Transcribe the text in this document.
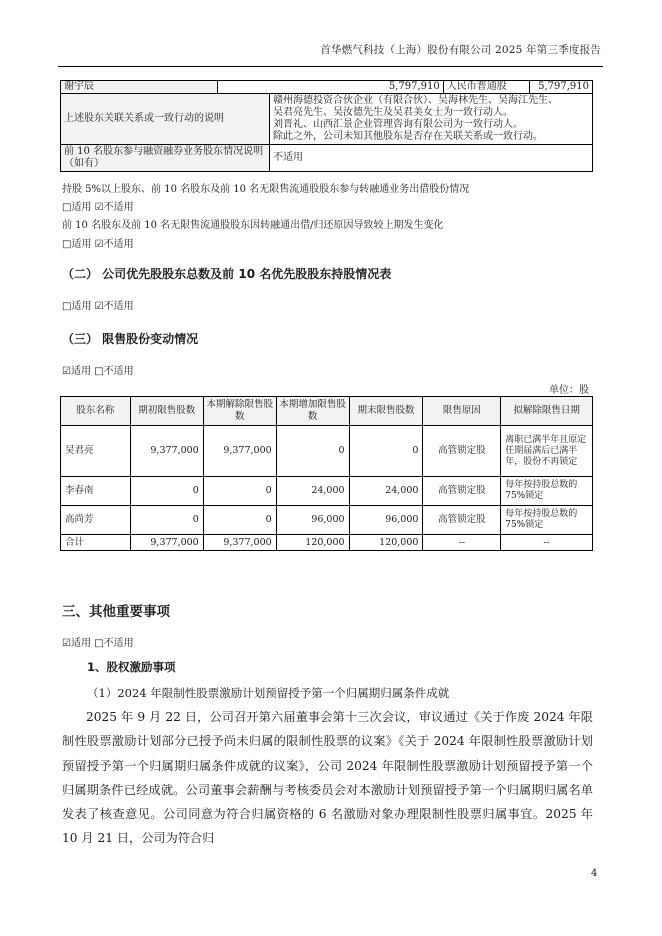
首华燃气科技（上海）股份有限公司 2025 年第三季度报告
谢宇辰	5,797,910		人民币普通股	5,797,910
上述股东关联关系或一致行动的说明		赣州海德投资合伙企业（有限合伙）、吴海林先生、吴海江先生、
吴君亮先生、吴汝德先生及吴君美女士为一致行动人。
刘晋礼、山西汇景企业管理咨询有限公司为一致行动人。
除此之外，公司未知其他股东是否存在关联关系或一致行动。		

前 10 名股东参与融资融券业务股东情况说明（如有）		不适用		
持股 5%以上股东、前 10 名股东及前 10 名无限售流通股股东参与转融通业务出借股份情况
□适用 ☑不适用
前 10 名股东及前 10 名无限售流通股股东因转融通出借/归还原因导致较上期发生变化
□适用 ☑不适用
（二） 公司优先股股东总数及前 10 名优先股股东持股情况表
□适用 ☑不适用
（三） 限售股份变动情况
☑适用 □不适用
单位：股
股东名称	期初限售股数	本期解除限售股数	本期增加限售股数	期末限售股数	限售原因	拟解除限售日期
吴君亮	9,377,000	9,377,000	0	0	高管锁定股	离职已满半年且原定任期届满后已满半年，股份不再锁定
李春南	0	0	24,000	24,000	高管锁定股	每年按持股总数的 75%锁定
高尚芳	0	0	96,000	96,000	高管锁定股	每年按持股总数的 75%锁定
合计	9,377,000	9,377,000	120,000	120,000	--	--
三、其他重要事项
☑适用 □不适用
1、股权激励事项
（1）2024 年限制性股票激励计划预留授予第一个归属期归属条件成就

2025 年 9 月 22 日，公司召开第六届董事会第十三次会议，审议通过《关于作废 2024 年限制性股票激励计划部分已授予尚未归属的限制性股票的议案》《关于 2024 年限制性股票激励计划预留授予第一个归属期归属条件成就的议案》，公司 2024 年限制性股票激励计划预留授予第一个归属期条件已经成就。公司董事会薪酬与考核委员会对本激励计划预留授予第一个归属期归属名单发表了核查意见。公司同意为符合归属资格的 6 名激励对象办理限制性股票归属事宜。2025 年 10 月 21 日，公司为符合归

4
